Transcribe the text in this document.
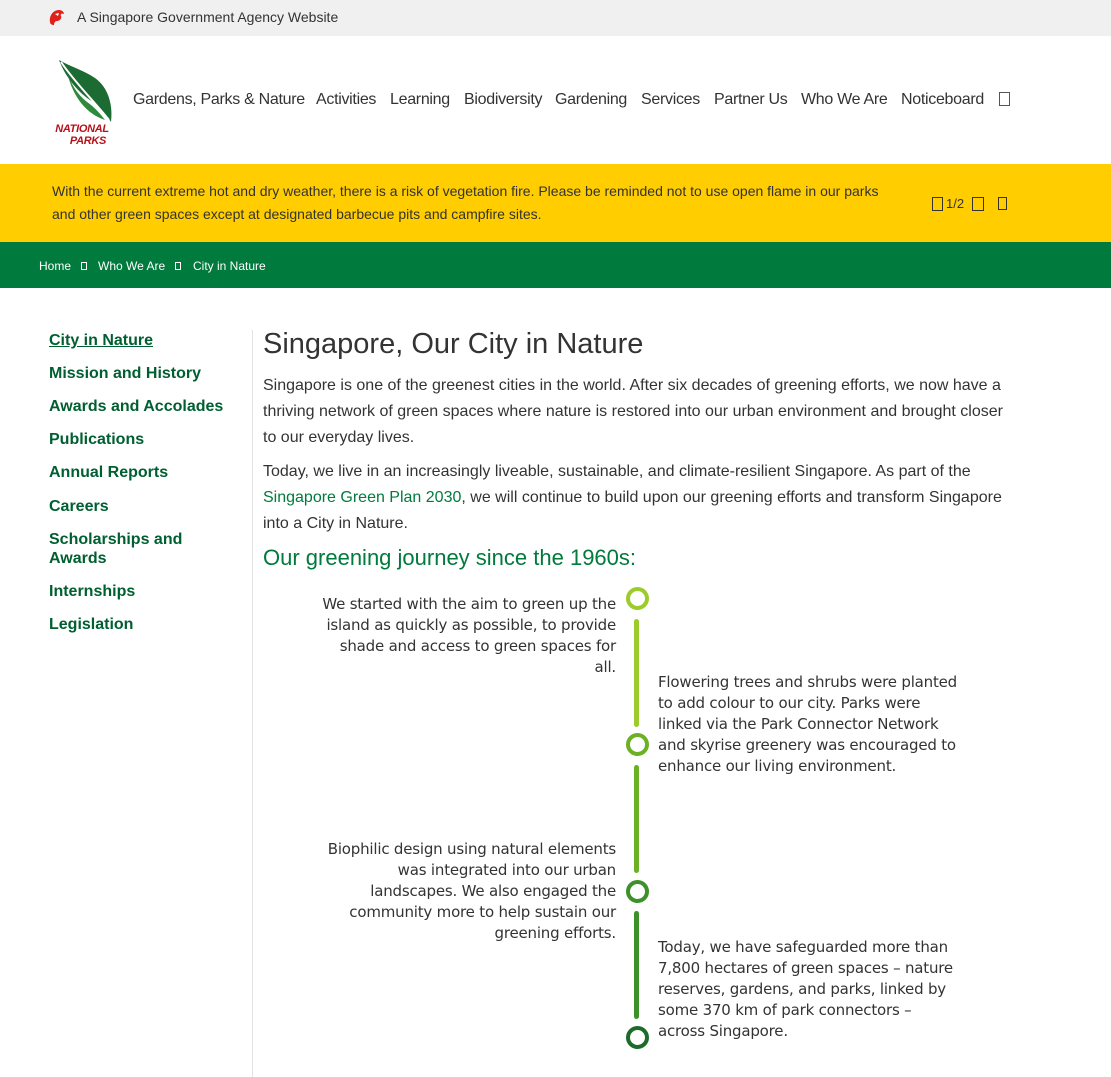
A Singapore Government Agency Website
NATIONAL
PARKS
Gardens, Parks & Nature Activities Learning Biodiversity Gardening Services Partner Us Who We Are Noticeboard
With the current extreme hot and dry weather, there is a risk of vegetation fire. Please be reminded not to use open flame in our parks and other green spaces except at designated barbecue pits and campfire sites.
1/2
Home Who We Are City in Nature
City in Nature
Mission and History
Awards and Accolades
Publications
Annual Reports
Careers
Scholarships and Awards
Internships
Legislation
Singapore, Our City in Nature

Singapore is one of the greenest cities in the world. After six decades of greening efforts, we now have a thriving network of green spaces where nature is restored into our urban environment and brought closer to our everyday lives.

Today, we live in an increasingly liveable, sustainable, and climate-resilient Singapore. As part of the Singapore Green Plan 2030, we will continue to build upon our greening efforts and transform Singapore into a City in Nature.

Our greening journey since the 1960s:

We started with the aim to green up the island as quickly as possible, to provide shade and access to green spaces for all.

Flowering trees and shrubs were planted to add colour to our city. Parks were linked via the Park Connector Network and skyrise greenery was encouraged to enhance our living environment.

Biophilic design using natural elements was integrated into our urban landscapes. We also engaged the community more to help sustain our greening efforts.

Today, we have safeguarded more than 7,800 hectares of green spaces – nature reserves, gardens, and parks, linked by some 370 km of park connectors – across Singapore.
